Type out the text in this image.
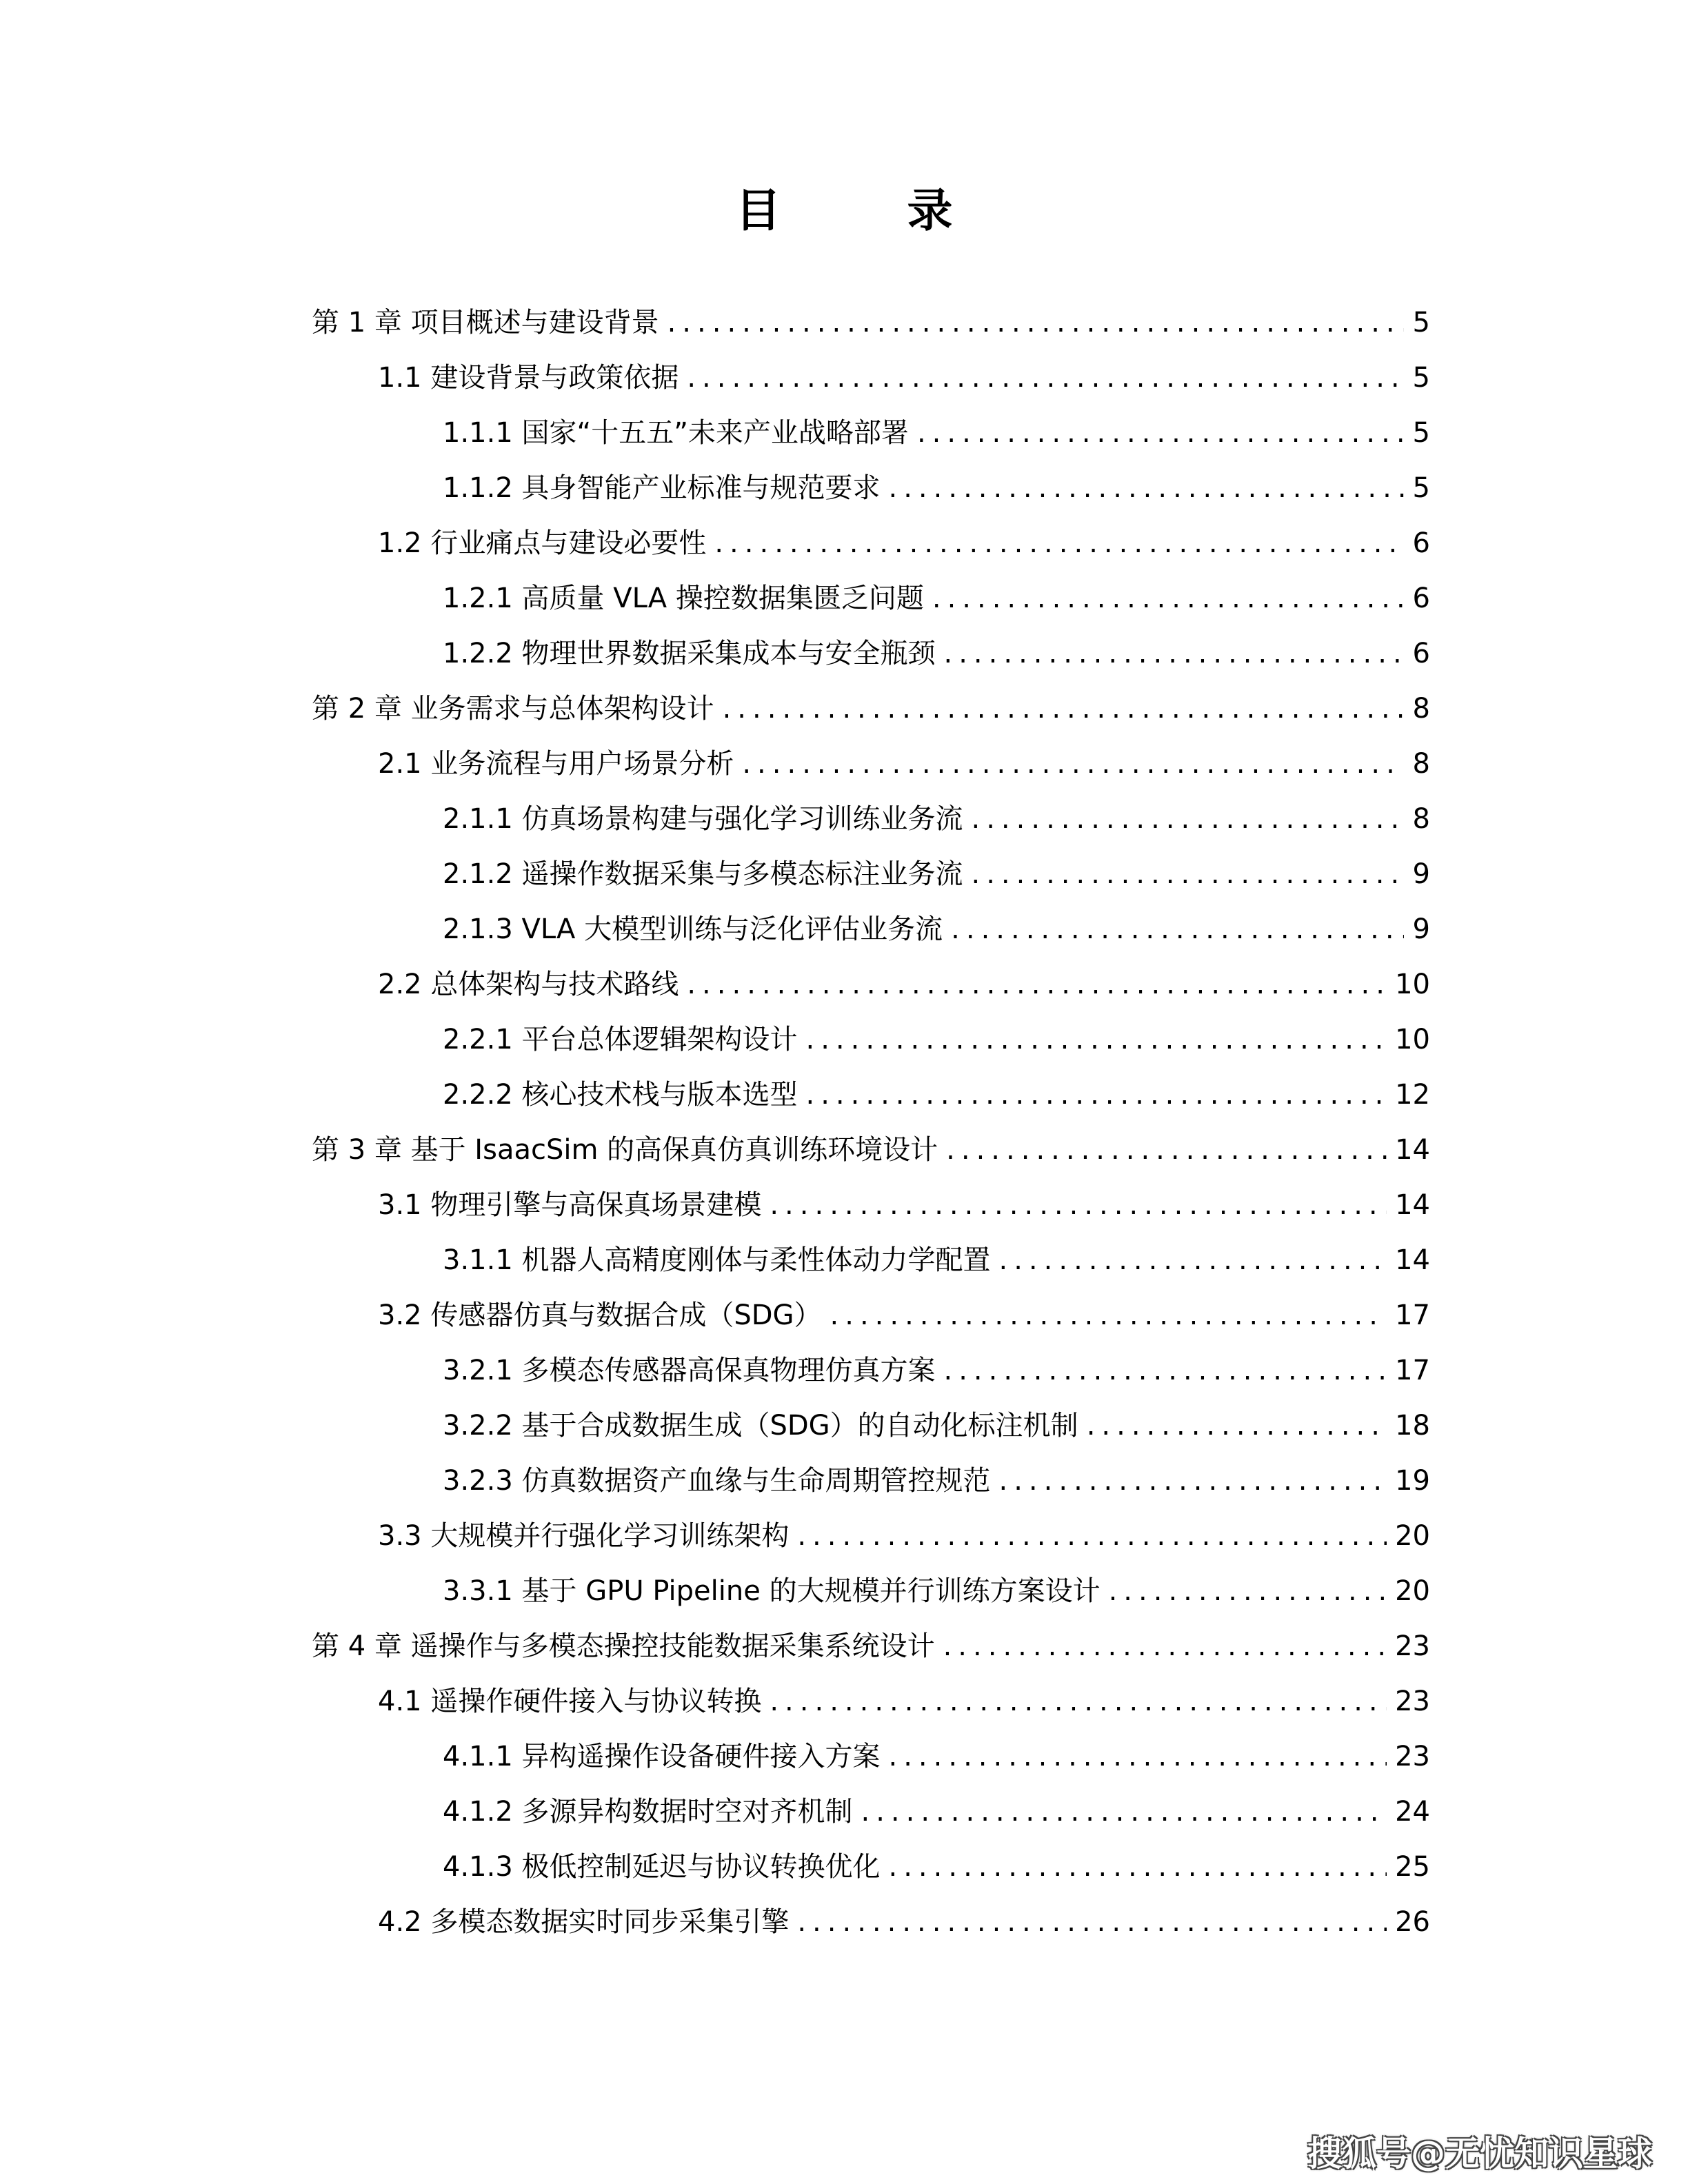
目 录
第 1 章 项目概述与建设背景 .....	5
1.1 建设背景与政策依据 .....	5
1.1.1 国家“十五五”未来产业战略部署 .....	5
1.1.2 具身智能产业标准与规范要求 .....	5
1.2 行业痛点与建设必要性 .....	6
1.2.1 高质量 VLA 操控数据集匮乏问题 .....	6
1.2.2 物理世界数据采集成本与安全瓶颈 .....	6
第 2 章 业务需求与总体架构设计 .....	8
2.1 业务流程与用户场景分析 .....	8
2.1.1 仿真场景构建与强化学习训练业务流 .....	8
2.1.2 遥操作数据采集与多模态标注业务流 .....	9
2.1.3 VLA 大模型训练与泛化评估业务流 .....	9
2.2 总体架构与技术路线 .....	10
2.2.1 平台总体逻辑架构设计 .....	10
2.2.2 核心技术栈与版本选型 .....	12
第 3 章 基于 IsaacSim 的高保真仿真训练环境设计 .....	14
3.1 物理引擎与高保真场景建模 .....	14
3.1.1 机器人高精度刚体与柔性体动力学配置 .....	14
3.2 传感器仿真与数据合成（SDG） .....	17
3.2.1 多模态传感器高保真物理仿真方案 .....	17
3.2.2 基于合成数据生成（SDG）的自动化标注机制 .....	18
3.2.3 仿真数据资产血缘与生命周期管控规范 .....	19
3.3 大规模并行强化学习训练架构 .....	20
3.3.1 基于 GPU Pipeline 的大规模并行训练方案设计 .....	20
第 4 章 遥操作与多模态操控技能数据采集系统设计 .....	23
4.1 遥操作硬件接入与协议转换 .....	23
4.1.1 异构遥操作设备硬件接入方案 .....	23
4.1.2 多源异构数据时空对齐机制 .....	24
4.1.3 极低控制延迟与协议转换优化 .....	25
4.2 多模态数据实时同步采集引擎 .....	26
搜狐号@无忧知识星球
